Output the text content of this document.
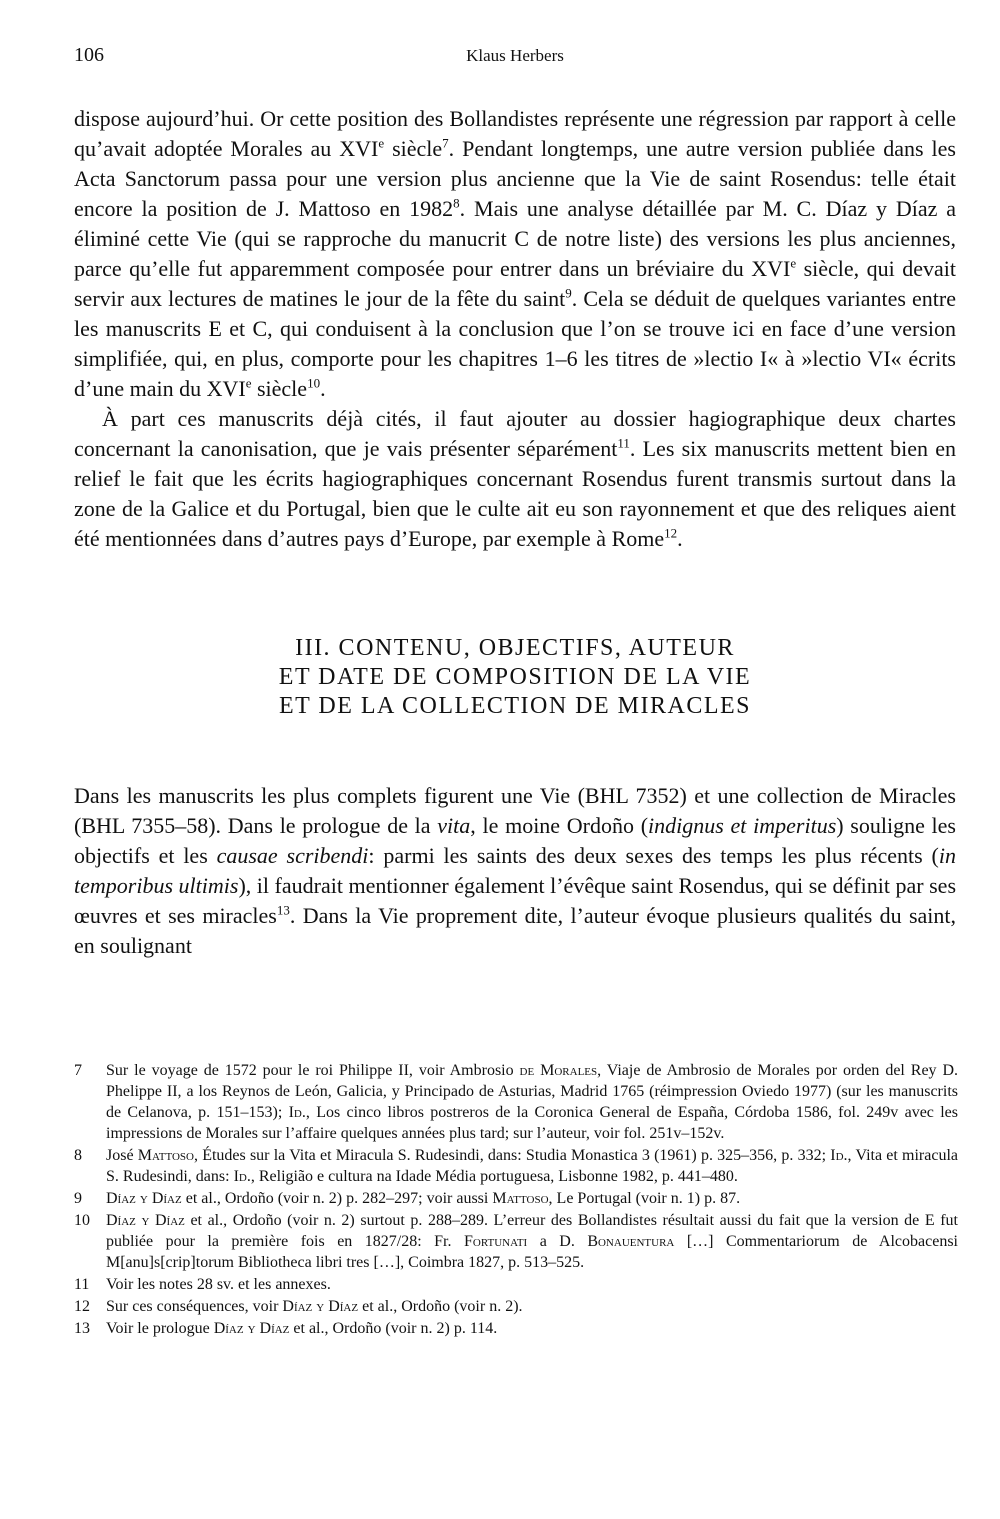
106	Klaus Herbers

dispose aujourd’hui. Or cette position des Bollandistes représente une régression par rapport à celle qu’avait adoptée Morales au XVIe siècle$^7$. Pendant longtemps, une autre version publiée dans les Acta Sanctorum passa pour une version plus ancienne que la Vie de saint Rosendus: telle était encore la position de J. Mattoso en 1982$^8$. Mais une analyse détaillée par M. C. Díaz y Díaz a éliminé cette Vie (qui se rapproche du manucrit C de notre liste) des versions les plus anciennes, parce qu’elle fut apparemment composée pour entrer dans un bréviaire du XVIe siècle, qui devait servir aux lectures de matines le jour de la fête du saint$^9$. Cela se déduit de quelques variantes entre les manuscrits E et C, qui conduisent à la conclusion que l’on se trouve ici en face d’une version simplifiée, qui, en plus, comporte pour les chapitres 1–6 les titres de »lectio I« à »lectio VI« écrits d’une main du XVIe siècle$^{10}$.

À part ces manuscrits déjà cités, il faut ajouter au dossier hagiographique deux chartes concernant la canonisation, que je vais présenter séparément$^{11}$. Les six manuscrits mettent bien en relief le fait que les écrits hagiographiques concernant Rosendus furent transmis surtout dans la zone de la Galice et du Portugal, bien que le culte ait eu son rayonnement et que des reliques aient été mentionnées dans d’autres pays d’Europe, par exemple à Rome$^{12}$.

III. CONTENU, OBJECTIFS, AUTEUR
ET DATE DE COMPOSITION DE LA VIE
ET DE LA COLLECTION DE MIRACLES

Dans les manuscrits les plus complets figurent une Vie (BHL 7352) et une collection de Miracles (BHL 7355–58). Dans le prologue de la vita, le moine Ordoño (indignus et imperitus) souligne les objectifs et les causae scribendi: parmi les saints des deux sexes des temps les plus récents (in temporibus ultimis), il faudrait mentionner également l’évêque saint Rosendus, qui se définit par ses œuvres et ses miracles$^{13}$. Dans la Vie proprement dite, l’auteur évoque plusieurs qualités du saint, en soulignant

7 Sur le voyage de 1572 pour le roi Philippe II, voir Ambrosio de Morales, Viaje de Ambrosio de Morales por orden del Rey D. Phelippe II, a los Reynos de León, Galicia, y Principado de Asturias, Madrid 1765 (réimpression Oviedo 1977) (sur les manuscrits de Celanova, p. 151–153); Id., Los cinco libros postreros de la Coronica General de España, Córdoba 1586, fol. 249v avec les impressions de Morales sur l’affaire quelques années plus tard; sur l’auteur, voir fol. 251v–152v.
8 José Mattoso, Études sur la Vita et Miracula S. Rudesindi, dans: Studia Monastica 3 (1961) p. 325–356, p. 332; Id., Vita et miracula S. Rudesindi, dans: Id., Religião e cultura na Idade Média portuguesa, Lisbonne 1982, p. 441–480.
9 Díaz y Díaz et al., Ordoño (voir n. 2) p. 282–297; voir aussi Mattoso, Le Portugal (voir n. 1) p. 87.
10 Díaz y Díaz et al., Ordoño (voir n. 2) surtout p. 288–289. L’erreur des Bollandistes résultait aussi du fait que la version de E fut publiée pour la première fois en 1827/28: Fr. Fortunati a D. Bonauentura […] Commentariorum de Alcobacensi M[anu]s[crip]torum Bibliotheca libri tres […], Coimbra 1827, p. 513–525.
11 Voir les notes 28 sv. et les annexes.
12 Sur ces conséquences, voir Díaz y Díaz et al., Ordoño (voir n. 2).
13 Voir le prologue Díaz y Díaz et al., Ordoño (voir n. 2) p. 114.
